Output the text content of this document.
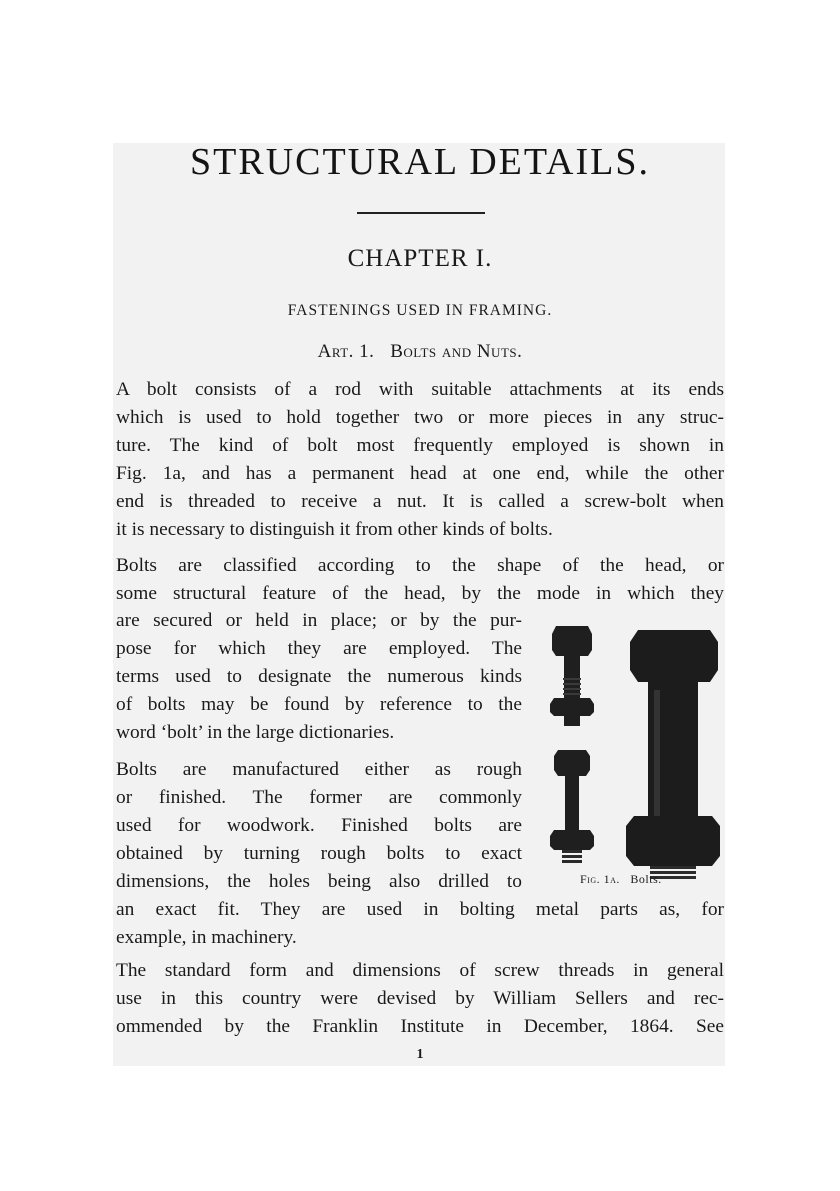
STRUCTURAL DETAILS.
CHAPTER I.
FASTENINGS USED IN FRAMING.
Art. 1. Bolts and Nuts.

A bolt consists of a rod with suitable attachments at its ends
which is used to hold together two or more pieces in any struc-
ture. The kind of bolt most frequently employed is shown in
Fig. 1a, and has a permanent head at one end, while the other
end is threaded to receive a nut. It is called a screw-bolt when
it is necessary to distinguish it from other kinds of bolts.

Bolts are classified according to the shape of the head, or
some structural feature of the head, by the mode in which they

are secured or held in place; or by the pur-
pose for which they are employed. The
terms used to designate the numerous kinds
of bolts may be found by reference to the
word ‘bolt’ in the large dictionaries.

Bolts are manufactured either as rough
or finished. The former are commonly
used for woodwork. Finished bolts are
obtained by turning rough bolts to exact
dimensions, the holes being also drilled to

an exact fit. They are used in bolting metal parts as, for
example, in machinery.

The standard form and dimensions of screw threads in general
use in this country were devised by William Sellers and rec-
ommended by the Franklin Institute in December, 1864. See

Fig. 1a. Bolts.
1
